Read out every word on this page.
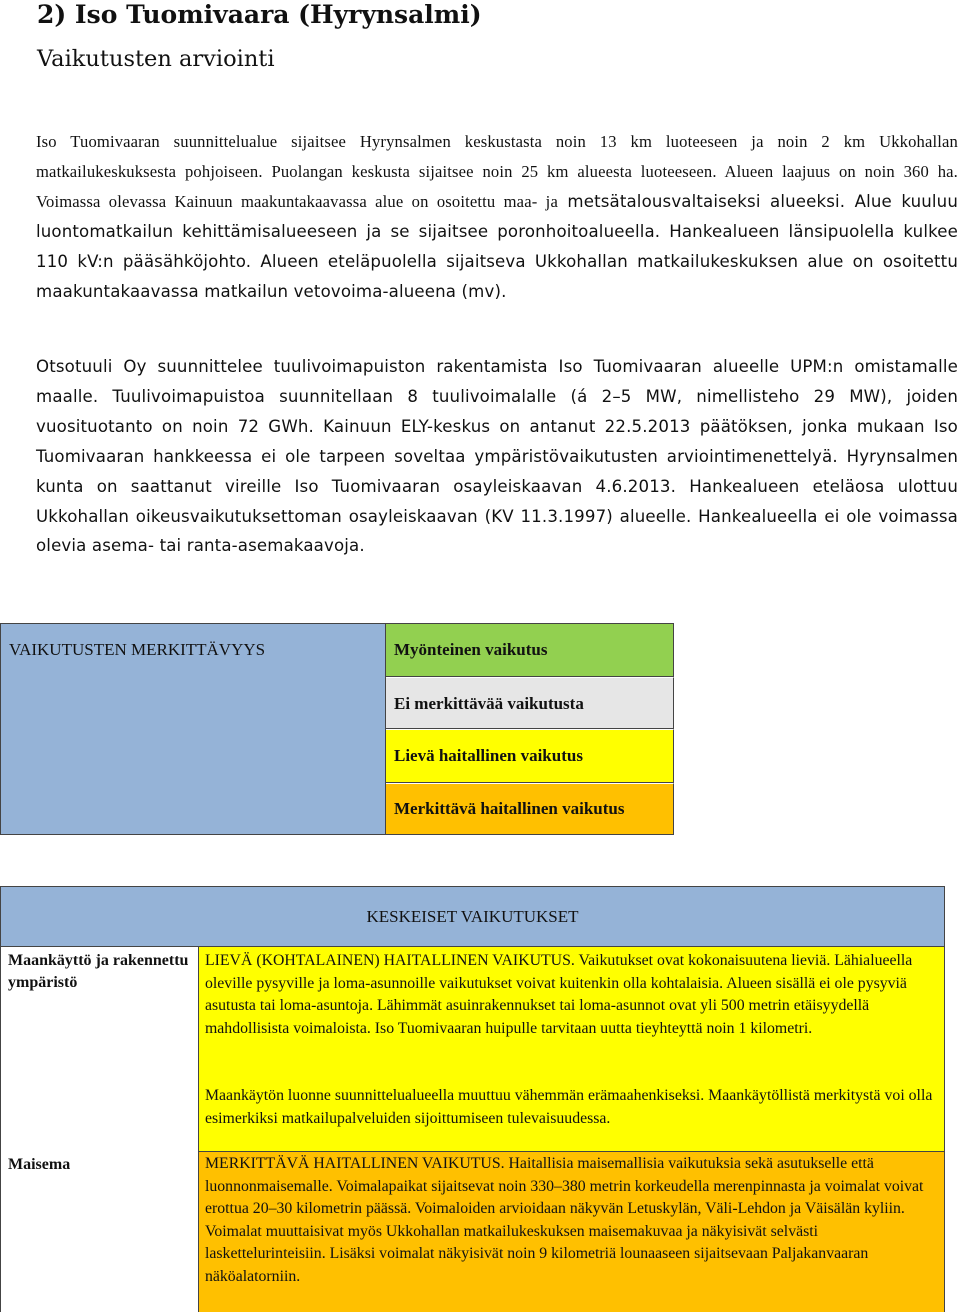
2) Iso Tuomivaara (Hyrynsalmi)
Vaikutusten arviointi

Iso Tuomivaaran suunnittelualue sijaitsee Hyrynsalmen keskustasta noin 13 km luoteeseen ja noin 2 km Ukkohallan matkailukeskuksesta pohjoiseen. Puolangan keskusta sijaitsee noin 25 km alueesta luoteeseen. Alueen laajuus on noin 360 ha. Voimassa olevassa Kainuun maakuntakaavassa alue on osoitettu maa- ja metsätalousvaltaiseksi alueeksi. Alue kuuluu luontomatkailun kehittämisalueeseen ja se sijaitsee poronhoitoalueella. Hankealueen länsipuolella kulkee 110 kV:n pääsähköjohto. Alueen eteläpuolella sijaitseva Ukkohallan matkailukeskuksen alue on osoitettu maakuntakaavassa matkailun vetovoima-alueena (mv).

Otsotuuli Oy suunnittelee tuulivoimapuiston rakentamista Iso Tuomivaaran alueelle UPM:n omistamalle maalle. Tuulivoimapuistoa suunnitellaan 8 tuulivoimalalle (á 2–5 MW, nimellisteho 29 MW), joiden vuosituotanto on noin 72 GWh. Kainuun ELY-keskus on antanut 22.5.2013 päätöksen, jonka mukaan Iso Tuomivaaran hankkeessa ei ole tarpeen soveltaa ympäristövaikutusten arviointimenettelyä. Hyrynsalmen kunta on saattanut vireille Iso Tuomivaaran osayleiskaavan 4.6.2013. Hankealueen eteläosa ulottuu Ukkohallan oikeusvaikutuksettoman osayleiskaavan (KV 11.3.1997) alueelle. Hankealueella ei ole voimassa olevia asema- tai ranta-asemakaavoja.

VAIKUTUSTEN MERKITTÄVYYS	Myönteinen vaikutus
Ei merkittävää vaikutusta
Lievä haitallinen vaikutus
Merkittävä haitallinen vaikutus
KESKEISET VAIKUTUKSET
Maankäyttö ja rakennettu ympäristö
Maisema

LIEVÄ (KOHTALAINEN) HAITALLINEN VAIKUTUS. Vaikutukset ovat kokonaisuutena lieviä. Lähialueella oleville pysyville ja loma-asunnoille vaikutukset voivat kuitenkin olla kohtalaisia. Alueen sisällä ei ole pysyviä asutusta tai loma-asuntoja. Lähimmät asuinrakennukset tai loma-asunnot ovat yli 500 metrin etäisyydellä mahdollisista voimaloista. Iso Tuomivaaran huipulle tarvitaan uutta tieyhteyttä noin 1 kilometri.

Maankäytön luonne suunnittelualueella muuttuu vähemmän erämaahenkiseksi. Maankäytöllistä merkitystä voi olla esimerkiksi matkailupalveluiden sijoittumiseen tulevaisuudessa.

MERKITTÄVÄ HAITALLINEN VAIKUTUS. Haitallisia maisemallisia vaikutuksia sekä asutukselle että luonnonmaisemalle. Voimalapaikat sijaitsevat noin 330–380 metrin korkeudella merenpinnasta ja voimalat voivat erottua 20–30 kilometrin päässä. Voimaloiden arvioidaan näkyvän Letuskylän, Väli-Lehdon ja Väisälän kyliin. Voimalat muuttaisivat myös Ukkohallan matkailukeskuksen maisemakuvaa ja näkyisivät selvästi laskettelurinteisiin. Lisäksi voimalat näkyisivät noin 9 kilometriä lounaaseen sijaitsevaan Paljakanvaaran näköalatorniin.
